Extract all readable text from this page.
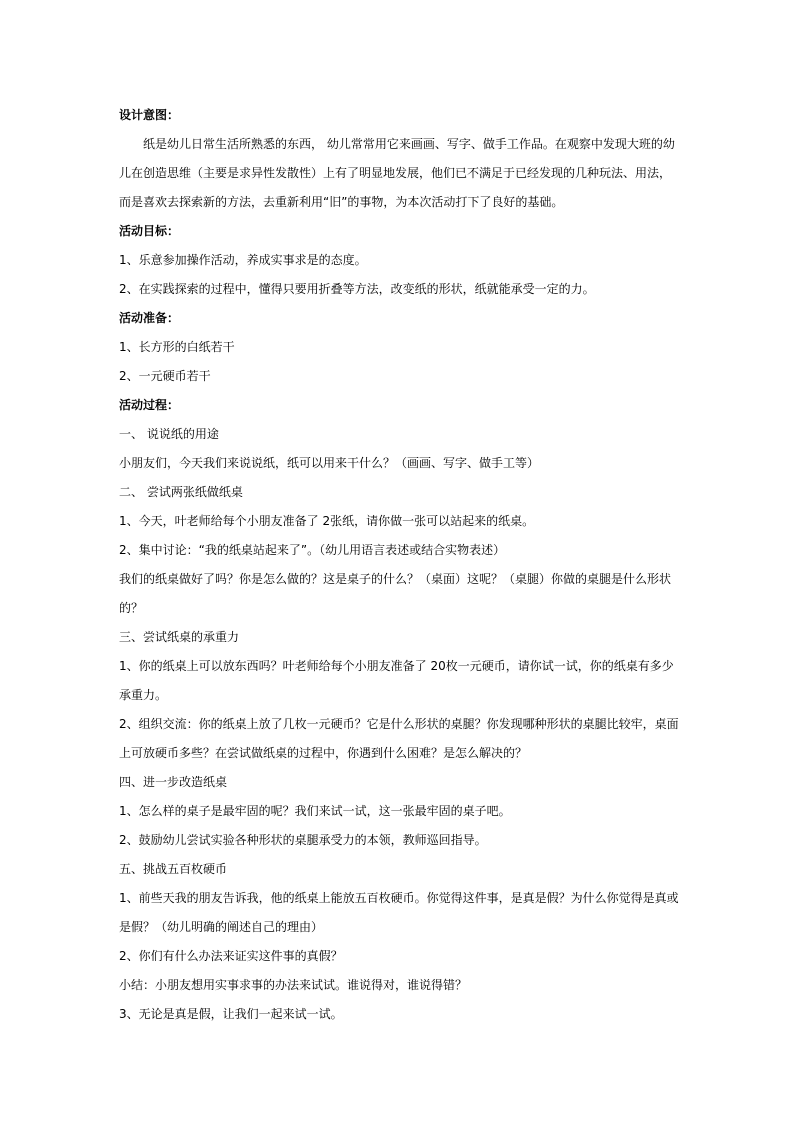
设计意图：
纸是幼儿日常生活所熟悉的东西， 幼儿常常用它来画画、写字、做手工作品。在观察中发现大班的幼
儿在创造思维（主要是求异性发散性）上有了明显地发展，他们已不满足于已经发现的几种玩法、用法，
而是喜欢去探索新的方法，去重新利用“旧”的事物，为本次活动打下了良好的基础。
活动目标：
1、乐意参加操作活动，养成实事求是的态度。
2、在实践探索的过程中，懂得只要用折叠等方法，改变纸的形状，纸就能承受一定的力。
活动准备：
1、长方形的白纸若干
2、一元硬币若干
活动过程：
一、 说说纸的用途
小朋友们，今天我们来说说纸，纸可以用来干什么？（画画、写字、做手工等）
二、 尝试两张纸做纸桌
1、今天，叶老师给每个小朋友准备了 2张纸，请你做一张可以站起来的纸桌。
2、集中讨论：“我的纸桌站起来了”。（幼儿用语言表述或结合实物表述）
我们的纸桌做好了吗？你是怎么做的？这是桌子的什么？（桌面）这呢？（桌腿）你做的桌腿是什么形状
的？
三、尝试纸桌的承重力
1、你的纸桌上可以放东西吗？叶老师给每个小朋友准备了 20枚一元硬币，请你试一试，你的纸桌有多少
承重力。
2、组织交流：你的纸桌上放了几枚一元硬币？它是什么形状的桌腿？你发现哪种形状的桌腿比较牢，桌面
上可放硬币多些？在尝试做纸桌的过程中，你遇到什么困难？是怎么解决的？
四、进一步改造纸桌
1、怎么样的桌子是最牢固的呢？我们来试一试，这一张最牢固的桌子吧。
2、鼓励幼儿尝试实验各种形状的桌腿承受力的本领，教师巡回指导。
五、挑战五百枚硬币
1、前些天我的朋友告诉我，他的纸桌上能放五百枚硬币。你觉得这件事，是真是假？为什么你觉得是真或
是假？（幼儿明确的阐述自己的理由）
2、你们有什么办法来证实这件事的真假？
小结：小朋友想用实事求事的办法来试试。谁说得对，谁说得错？
3、无论是真是假，让我们一起来试一试。
